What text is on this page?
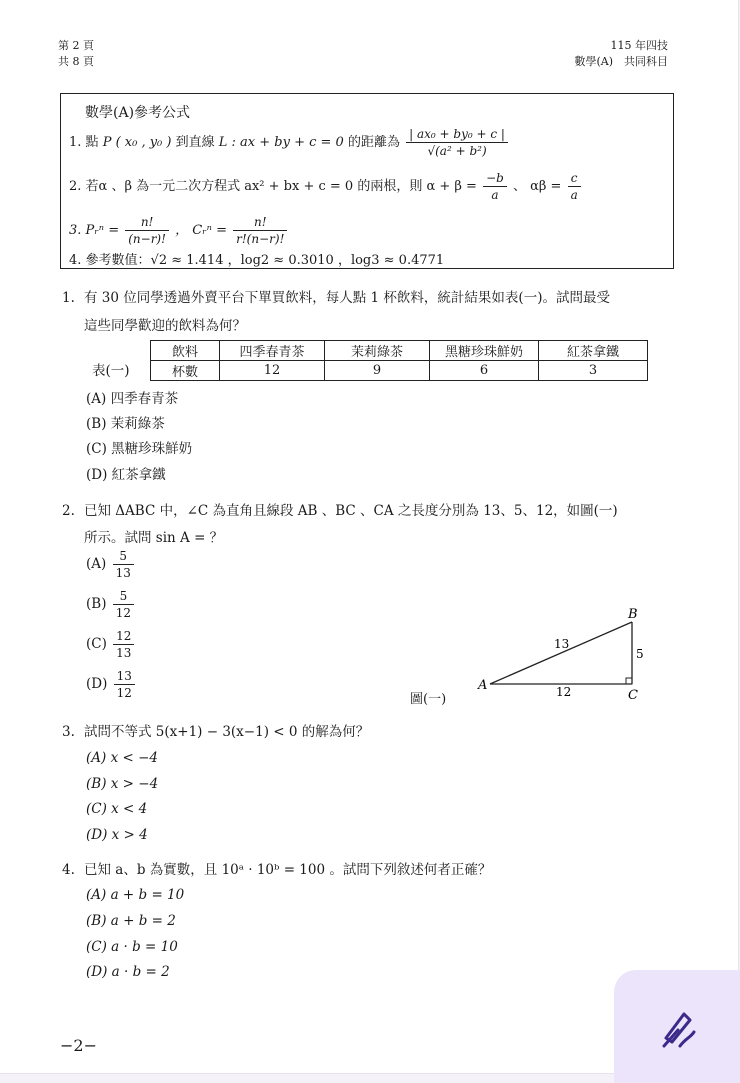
第 2 頁
共 8 頁
115 年四技
數學(A)　共同科目
數學(A)參考公式
1. 點 P ( x₀ , y₀ ) 到直線 L : ax + by + c = 0 的距離為 $\frac{\text{| ax₀ + by₀ + c |}}{\text{√(a² + b²)}}$
2. 若α 、β 為一元二次方程式 ax² + bx + c = 0 的兩根，則 $\alpha + \beta = \frac{-b}{a}$ 、 $\alpha\beta = \frac{c}{a}$
3. Pᵣⁿ = $\frac{n!}{(n-r)!}$ ， Cᵣⁿ = $\frac{n!}{r!(n-r)!}$
4. 參考數值：√2 ≈ 1.414 ，log2 ≈ 0.3010 ，log3 ≈ 0.4771
1. 有 30 位同學透過外賣平台下單買飲料，每人點 1 杯飲料，統計結果如表(一)。試問最受
這些同學歡迎的飲料為何？
表(一)
飲料	四季春青茶	茉莉綠茶	黑糖珍珠鮮奶	紅茶拿鐵
杯數	12	9	6	3
(A) 四季春青茶
(B) 茉莉綠茶
(C) 黑糖珍珠鮮奶
(D) 紅茶拿鐵
2. 已知 ΔABC 中，∠C 為直角且線段 AB 、BC 、CA 之長度分別為 13、5、12，如圖(一)
所示。試問 sin A = ？
$(A) \frac{5}{13}$
$(B) \frac{5}{12}$
$(C) \frac{12}{13}$
$(D) \frac{13}{12}$	A
B
C
13
5
12
圖(一)
3. 試問不等式 5(x+1) − 3(x−1) < 0 的解為何？
(A) x < −4
(B) x > −4
(C) x < 4
(D) x > 4
4. 已知 a、b 為實數，且 10ᵃ · 10ᵇ = 100 。試問下列敘述何者正確？
(A) a + b = 10
(B) a + b = 2
(C) a · b = 10
(D) a · b = 2
−2−
